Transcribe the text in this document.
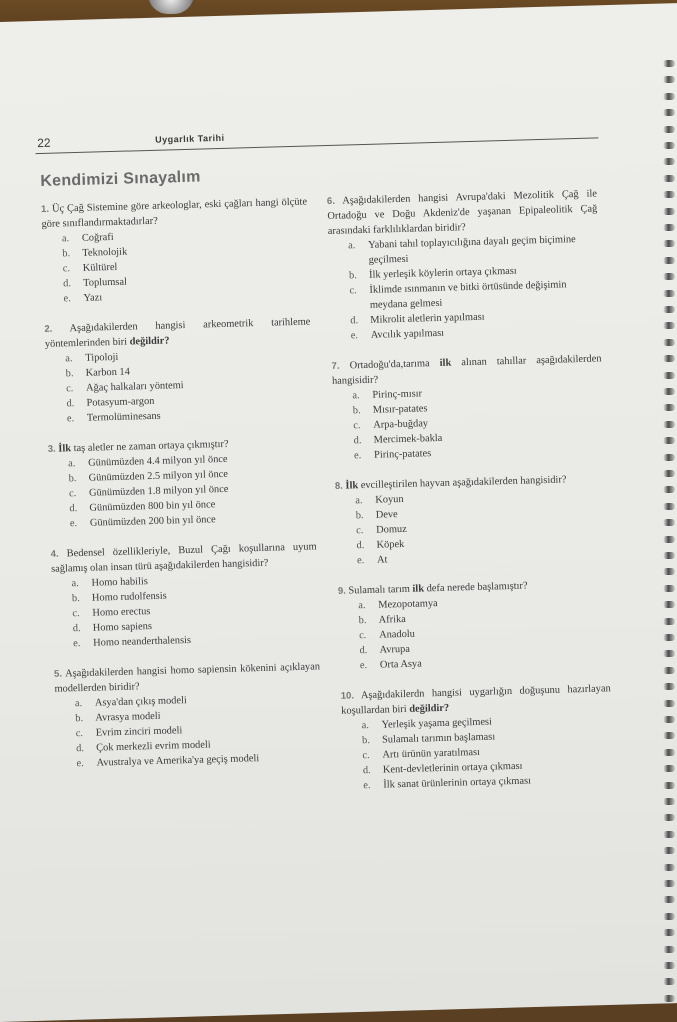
22	Uygarlık Tarihi
Kendimizi Sınayalım
1. Üç Çağ Sistemine göre arkeologlar, eski çağları hangi ölçüte göre sınıflandırmaktadırlar?
a.	Coğrafi
b.	Teknolojik
c.	Kültürel
d.	Toplumsal
e.	Yazı
2. Aşağıdakilerden hangisi arkeometrik tarihleme yöntemlerinden biri değildir?
a.	Tipoloji
b.	Karbon 14
c.	Ağaç halkaları yöntemi
d.	Potasyum-argon
e.	Termolüminesans
3. İlk taş aletler ne zaman ortaya çıkmıştır?
a.	Günümüzden 4.4 milyon yıl önce
b.	Günümüzden 2.5 milyon yıl önce
c.	Günümüzden 1.8 milyon yıl önce
d.	Günümüzden 800 bin yıl önce
e.	Günümüzden 200 bin yıl önce
4. Bedensel özellikleriyle, Buzul Çağı koşullarına uyum sağlamış olan insan türü aşağıdakilerden hangisidir?
a.	Homo habilis
b.	Homo rudolfensis
c.	Homo erectus
d.	Homo sapiens
e.	Homo neanderthalensis
5. Aşağıdakilerden hangisi homo sapiensin kökenini açıklayan modellerden biridir?
a.	Asya'dan çıkış modeli
b.	Avrasya modeli
c.	Evrim zinciri modeli
d.	Çok merkezli evrim modeli
e.	Avustralya ve Amerika'ya geçiş modeli
6. Aşağıdakilerden hangisi Avrupa'daki Mezolitik Çağ ile Ortadoğu ve Doğu Akdeniz'de yaşanan Epipaleolitik Çağ arasındaki farklılıklardan biridir?
a.	Yabani tahıl toplayıcılığına dayalı geçim biçimine geçilmesi
b.	İlk yerleşik köylerin ortaya çıkması
c.	İklimde ısınmanın ve bitki örtüsünde değişimin meydana gelmesi
d.	Mikrolit aletlerin yapılması
e.	Avcılık yapılması
7. Ortadoğu'da,tarıma ilk alınan tahıllar aşağıdakilerden hangisidir?
a.	Pirinç-mısır
b.	Mısır-patates
c.	Arpa-buğday
d.	Mercimek-bakla
e.	Pirinç-patates
8. İlk evcilleştirilen hayvan aşağıdakilerden hangisidir?
a.	Koyun
b.	Deve
c.	Domuz
d.	Köpek
e.	At
9. Sulamalı tarım ilk defa nerede başlamıştır?
a.	Mezopotamya
b.	Afrika
c.	Anadolu
d.	Avrupa
e.	Orta Asya
10. Aşağıdakilerdn hangisi uygarlığın doğuşunu hazırlayan koşullardan biri değildir?
a.	Yerleşik yaşama geçilmesi
b.	Sulamalı tarımın başlaması
c.	Artı ürünün yaratılması
d.	Kent-devletlerinin ortaya çıkması
e.	İlk sanat ürünlerinin ortaya çıkması
